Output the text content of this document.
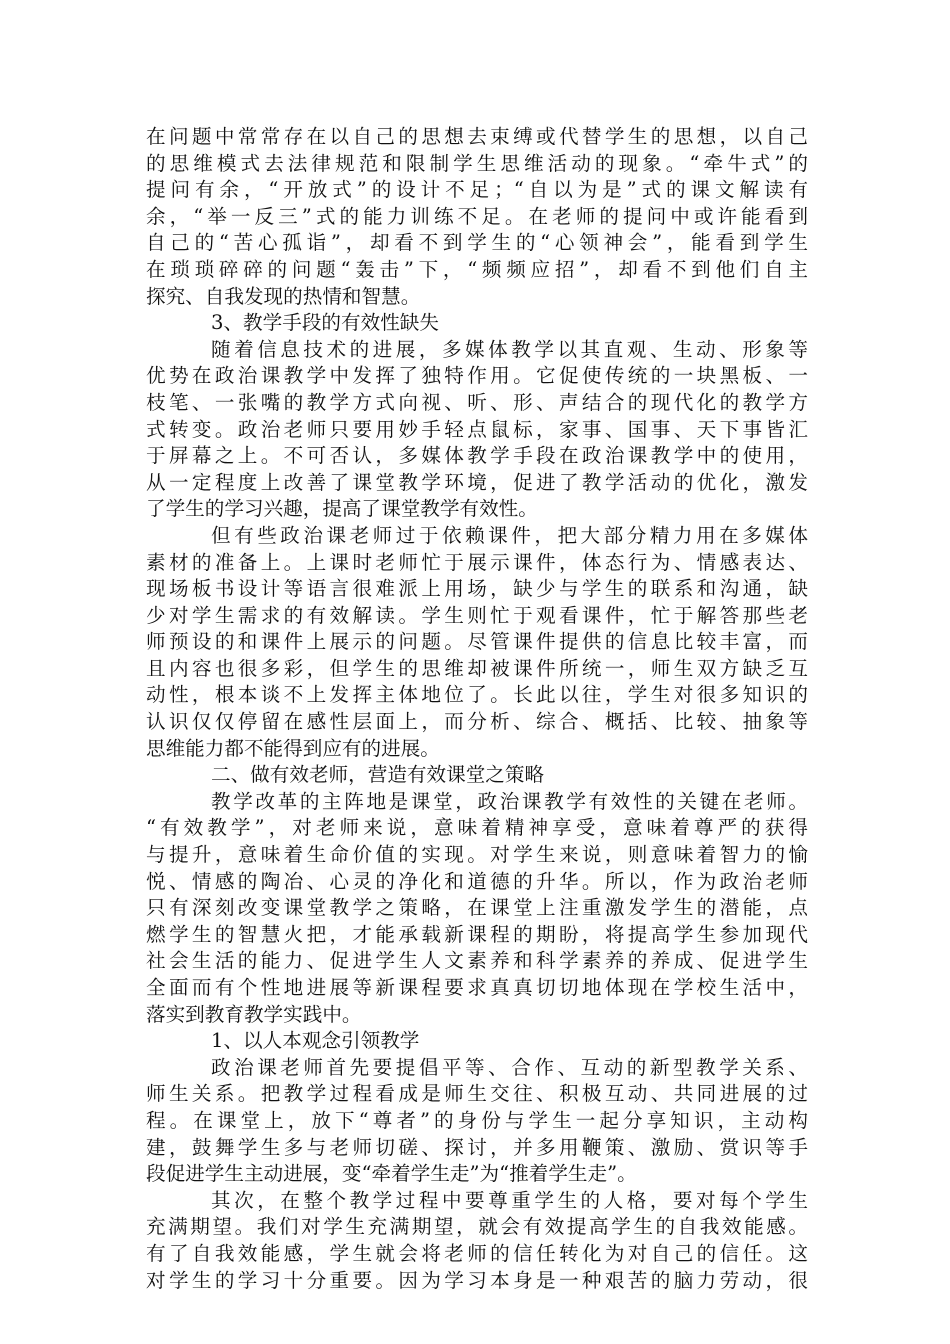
在问题中常常存在以自己的思想去束缚或代替学生的思想，以自己
的思维模式去法律规范和限制学生思维活动的现象。“牵牛式”的
提问有余，“开放式”的设计不足；“自以为是”式的课文解读有
余，“举一反三”式的能力训练不足。在老师的提问中或许能看到
自己的“苦心孤诣”，却看不到学生的“心领神会”，能看到学生
在琐琐碎碎的问题“轰击”下，“频频应招”，却看不到他们自主
探究、自我发现的热情和智慧。
3、教学手段的有效性缺失
随着信息技术的进展，多媒体教学以其直观、生动、形象等
优势在政治课教学中发挥了独特作用。它促使传统的一块黑板、一
枝笔、一张嘴的教学方式向视、听、形、声结合的现代化的教学方
式转变。政治老师只要用妙手轻点鼠标，家事、国事、天下事皆汇
于屏幕之上。不可否认，多媒体教学手段在政治课教学中的使用，
从一定程度上改善了课堂教学环境，促进了教学活动的优化，激发
了学生的学习兴趣，提高了课堂教学有效性。
但有些政治课老师过于依赖课件，把大部分精力用在多媒体
素材的准备上。上课时老师忙于展示课件，体态行为、情感表达、
现场板书设计等语言很难派上用场，缺少与学生的联系和沟通，缺
少对学生需求的有效解读。学生则忙于观看课件，忙于解答那些老
师预设的和课件上展示的问题。尽管课件提供的信息比较丰富，而
且内容也很多彩，但学生的思维却被课件所统一，师生双方缺乏互
动性，根本谈不上发挥主体地位了。长此以往，学生对很多知识的
认识仅仅停留在感性层面上，而分析、综合、概括、比较、抽象等
思维能力都不能得到应有的进展。
二、做有效老师，营造有效课堂之策略
教学改革的主阵地是课堂，政治课教学有效性的关键在老师。
“有效教学”，对老师来说，意味着精神享受，意味着尊严的获得
与提升，意味着生命价值的实现。对学生来说，则意味着智力的愉
悦、情感的陶冶、心灵的净化和道德的升华。所以，作为政治老师
只有深刻改变课堂教学之策略，在课堂上注重激发学生的潜能，点
燃学生的智慧火把，才能承载新课程的期盼，将提高学生参加现代
社会生活的能力、促进学生人文素养和科学素养的养成、促进学生
全面而有个性地进展等新课程要求真真切切地体现在学校生活中，
落实到教育教学实践中。
1、以人本观念引领教学
政治课老师首先要提倡平等、合作、互动的新型教学关系、
师生关系。把教学过程看成是师生交往、积极互动、共同进展的过
程。在课堂上，放下“尊者”的身份与学生一起分享知识，主动构
建，鼓舞学生多与老师切磋、探讨，并多用鞭策、激励、赏识等手
段促进学生主动进展，变“牵着学生走”为“推着学生走”。
其次，在整个教学过程中要尊重学生的人格，要对每个学生
充满期望。我们对学生充满期望，就会有效提高学生的自我效能感。
有了自我效能感，学生就会将老师的信任转化为对自己的信任。这
对学生的学习十分重要。因为学习本身是一种艰苦的脑力劳动，很
